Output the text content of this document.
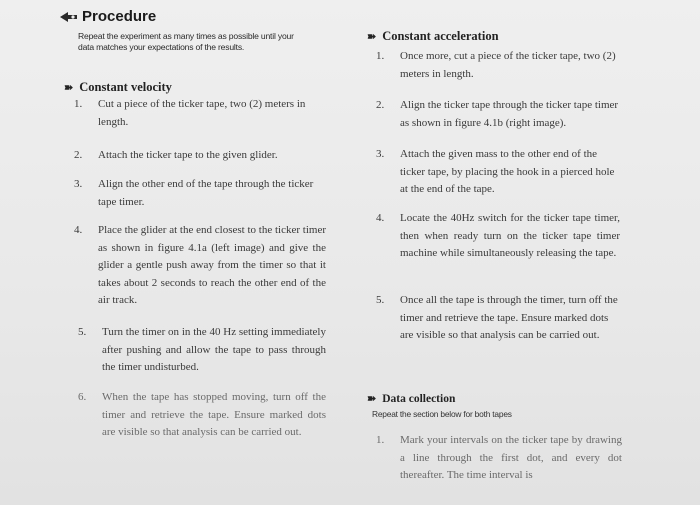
Procedure
Repeat the experiment as many times as possible until your
data matches your expectations of the results.
➽ Constant velocity
1.	Cut a piece of the ticker tape, two (2) meters in length.
2.	Attach the ticker tape to the given glider.
3.	Align the other end of the tape through the ticker tape timer.
4.	Place the glider at the end closest to the ticker timer as shown in figure 4.1a (left image) and give the glider a gentle push away from the timer so that it takes about 2 seconds to reach the other end of the air track.
5.	Turn the timer on in the 40 Hz setting immediately after pushing and allow the tape to pass through the timer undisturbed.
6.	When the tape has stopped moving, turn off the timer and retrieve the tape. Ensure marked dots are visible so that analysis can be carried out.
➽ Constant acceleration
1.	Once more, cut a piece of the ticker tape, two (2) meters in length.
2.	Align the ticker tape through the ticker tape timer as shown in figure 4.1b (right image).
3.	Attach the given mass to the other end of the ticker tape, by placing the hook in a pierced hole at the end of the tape.
4.	Locate the 40Hz switch for the ticker tape timer, then when ready turn on the ticker tape timer machine while simultaneously releasing the tape.
5.	Once all the tape is through the timer, turn off the timer and retrieve the tape. Ensure marked dots are visible so that analysis can be carried out.
➽ Data collection
Repeat the section below for both tapes
1.	Mark your intervals on the ticker tape by drawing a line through the first dot, and every dot thereafter. The time interval is
